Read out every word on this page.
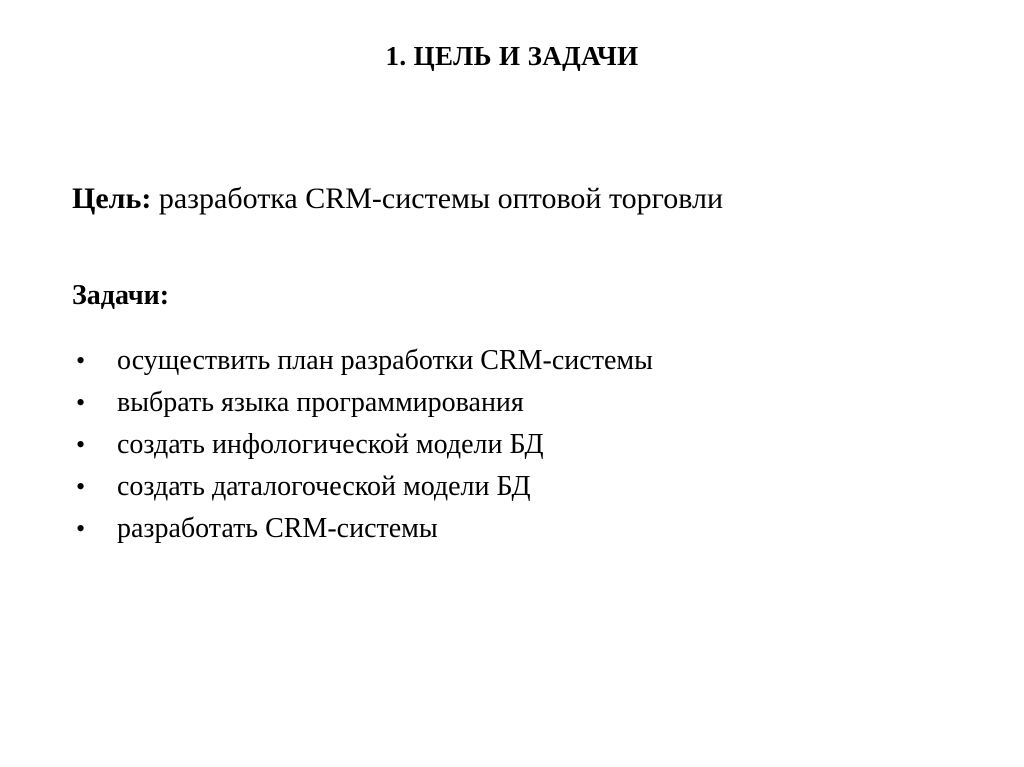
1. ЦЕЛЬ И ЗАДАЧИ
Цель: разработка CRM-системы оптовой торговли
Задачи:
• осуществить план разработки CRM-системы
• выбрать языка программирования
• создать инфологической модели БД
• создать даталогоческой модели БД
• разработать CRM-системы
